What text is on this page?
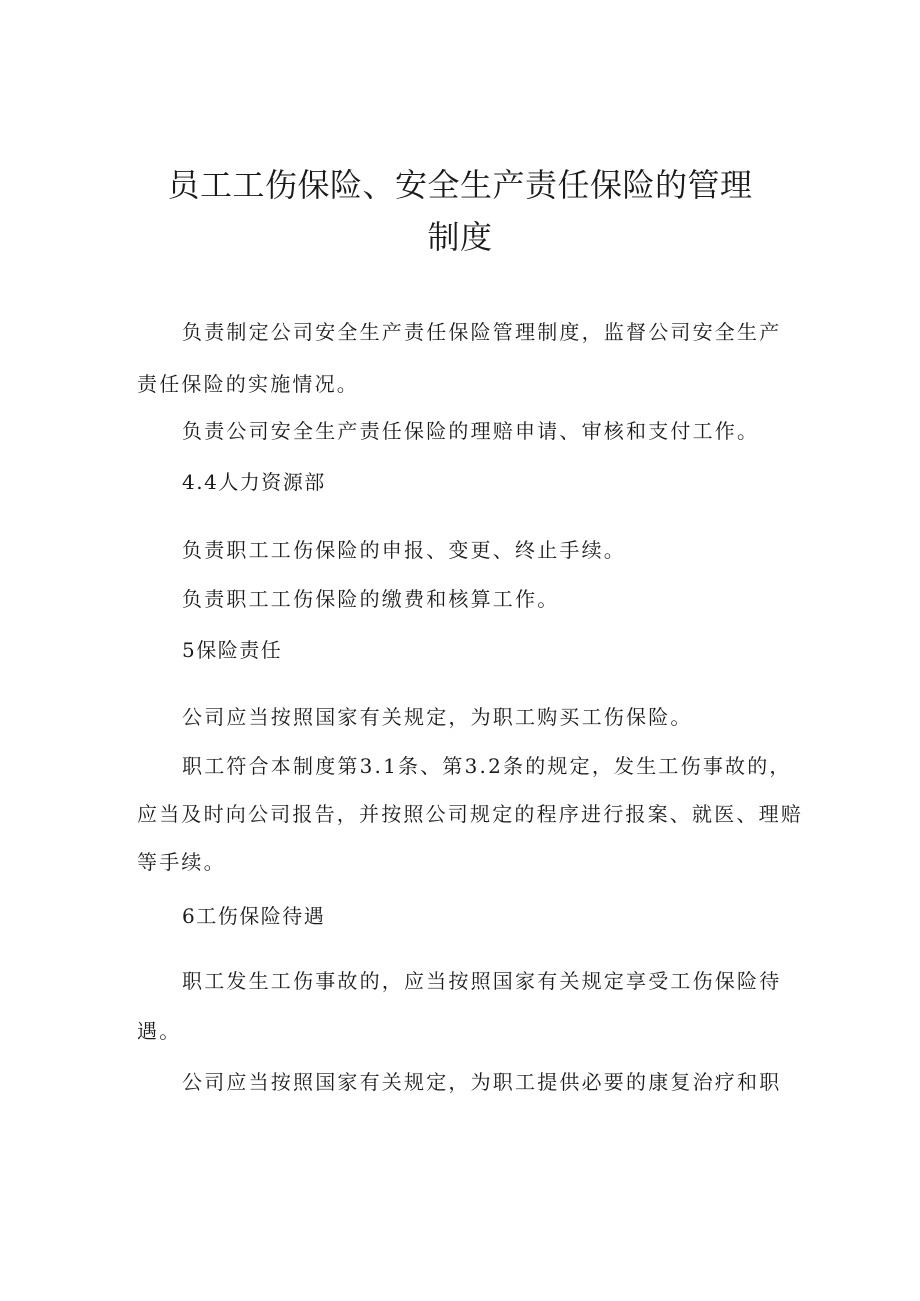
员工工伤保险、安全生产责任保险的管理
制度

负责制定公司安全生产责任保险管理制度，监督公司安全生产

责任保险的实施情况。

负责公司安全生产责任保险的理赔申请、审核和支付工作。

4.4人力资源部

负责职工工伤保险的申报、变更、终止手续。

负责职工工伤保险的缴费和核算工作。

5保险责任

公司应当按照国家有关规定，为职工购买工伤保险。

职工符合本制度第3.1条、第3.2条的规定，发生工伤事故的，

应当及时向公司报告，并按照公司规定的程序进行报案、就医、理赔

等手续。

6工伤保险待遇

职工发生工伤事故的，应当按照国家有关规定享受工伤保险待

遇。

公司应当按照国家有关规定，为职工提供必要的康复治疗和职
